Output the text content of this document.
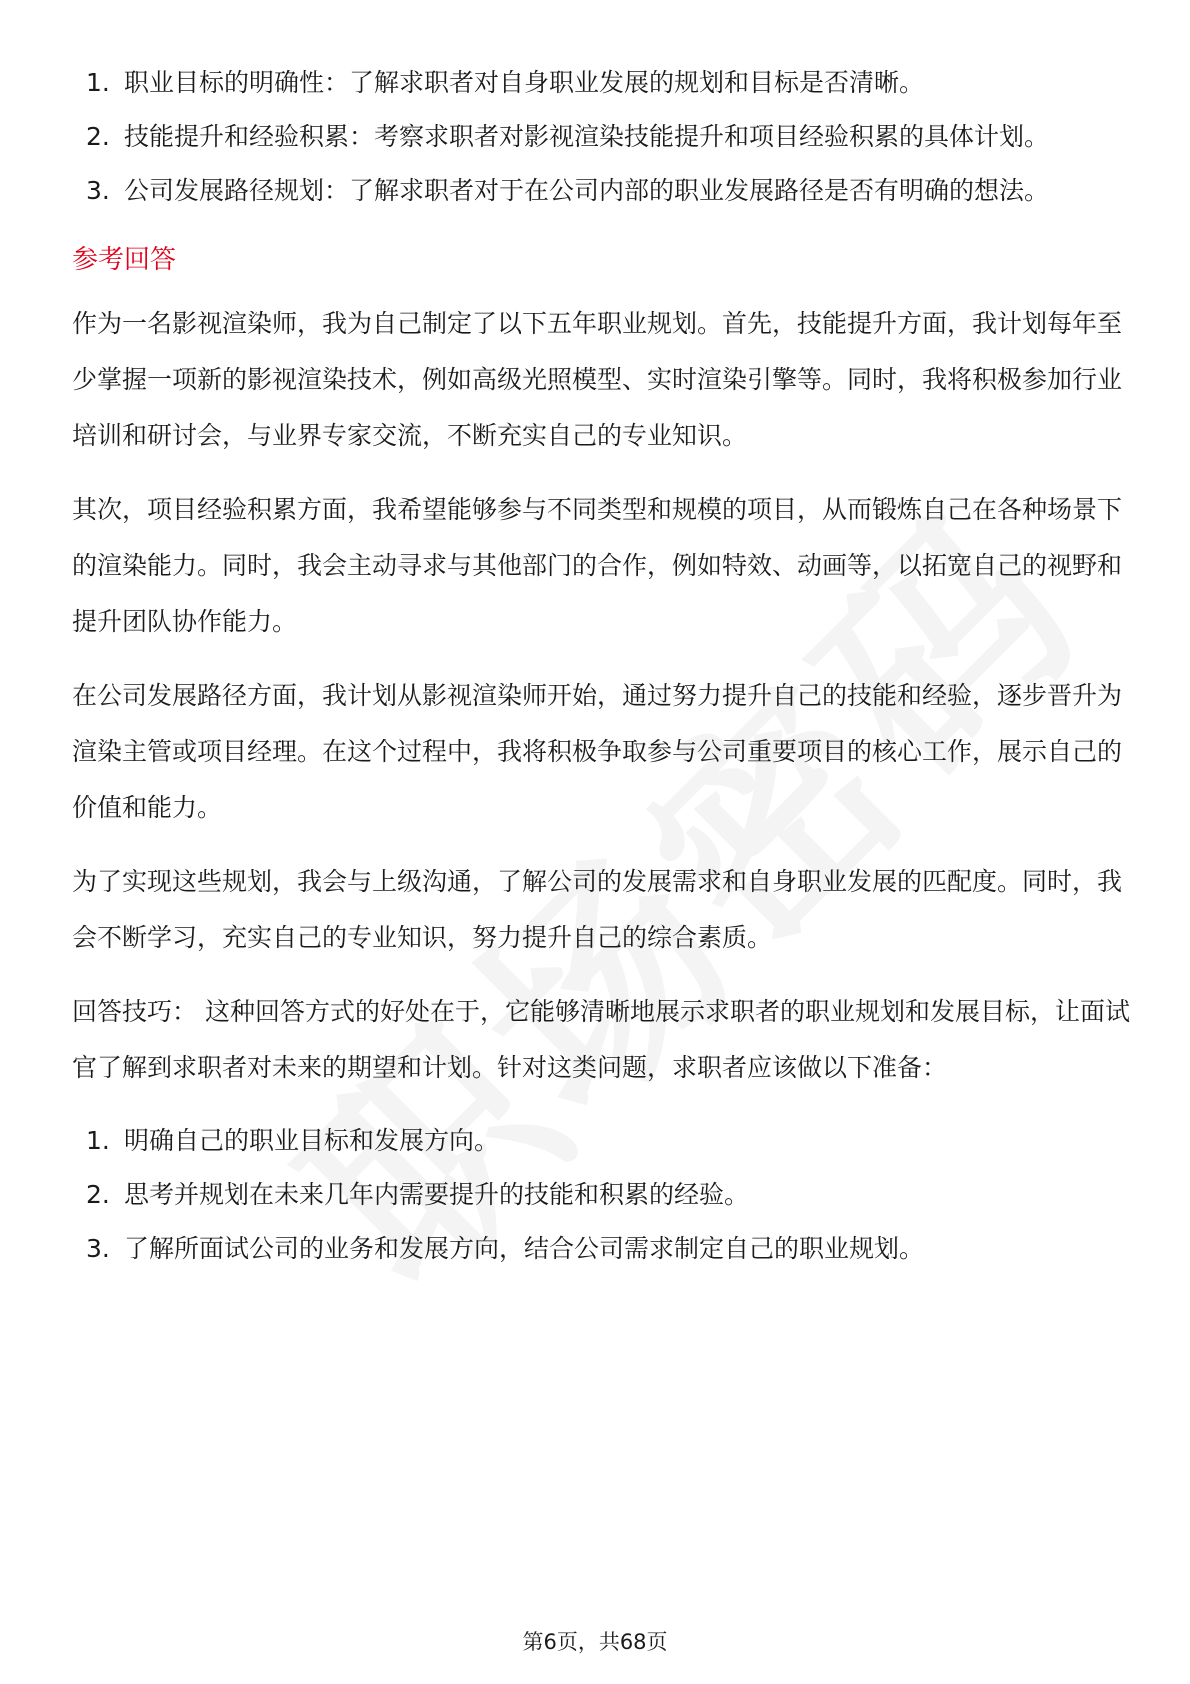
1. 职业目标的明确性：了解求职者对自身职业发展的规划和目标是否清晰。
2. 技能提升和经验积累：考察求职者对影视渲染技能提升和项目经验积累的具体计划。
3. 公司发展路径规划：了解求职者对于在公司内部的职业发展路径是否有明确的想法。
参考回答

作为一名影视渲染师，我为自己制定了以下五年职业规划。首先，技能提升方面，我计划每年至少掌握一项新的影视渲染技术，例如高级光照模型、实时渲染引擎等。同时，我将积极参加行业培训和研讨会，与业界专家交流，不断充实自己的专业知识。

其次，项目经验积累方面，我希望能够参与不同类型和规模的项目，从而锻炼自己在各种场景下的渲染能力。同时，我会主动寻求与其他部门的合作，例如特效、动画等，以拓宽自己的视野和提升团队协作能力。

在公司发展路径方面，我计划从影视渲染师开始，通过努力提升自己的技能和经验，逐步晋升为渲染主管或项目经理。在这个过程中，我将积极争取参与公司重要项目的核心工作，展示自己的价值和能力。

为了实现这些规划，我会与上级沟通，了解公司的发展需求和自身职业发展的匹配度。同时，我会不断学习，充实自己的专业知识，努力提升自己的综合素质。

回答技巧： 这种回答方式的好处在于，它能够清晰地展示求职者的职业规划和发展目标，让面试官了解到求职者对未来的期望和计划。针对这类问题，求职者应该做以下准备：

1. 明确自己的职业目标和发展方向。
2. 思考并规划在未来几年内需要提升的技能和积累的经验。
3. 了解所面试公司的业务和发展方向，结合公司需求制定自己的职业规划。
第6页，共68页
